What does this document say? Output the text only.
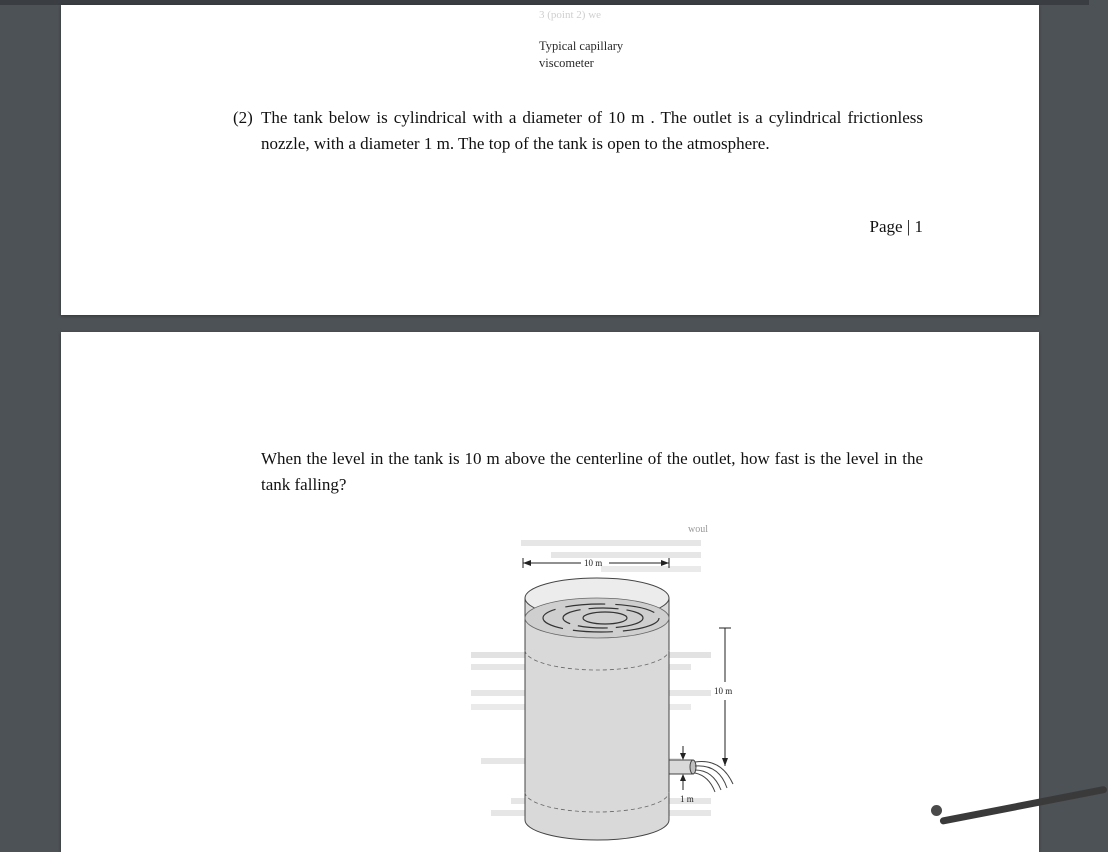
3 (point 2) we
Typical capillary
viscometer
(2) The tank below is cylindrical with a diameter of 10 m . The outlet is a cylindrical frictionless nozzle, with a diameter 1 m. The top of the tank is open to the atmosphere.
Page | 1
When the level in the tank is 10 m above the centerline of the outlet, how fast is the level in the tank falling?
woul
10 m
1 m
10 m
